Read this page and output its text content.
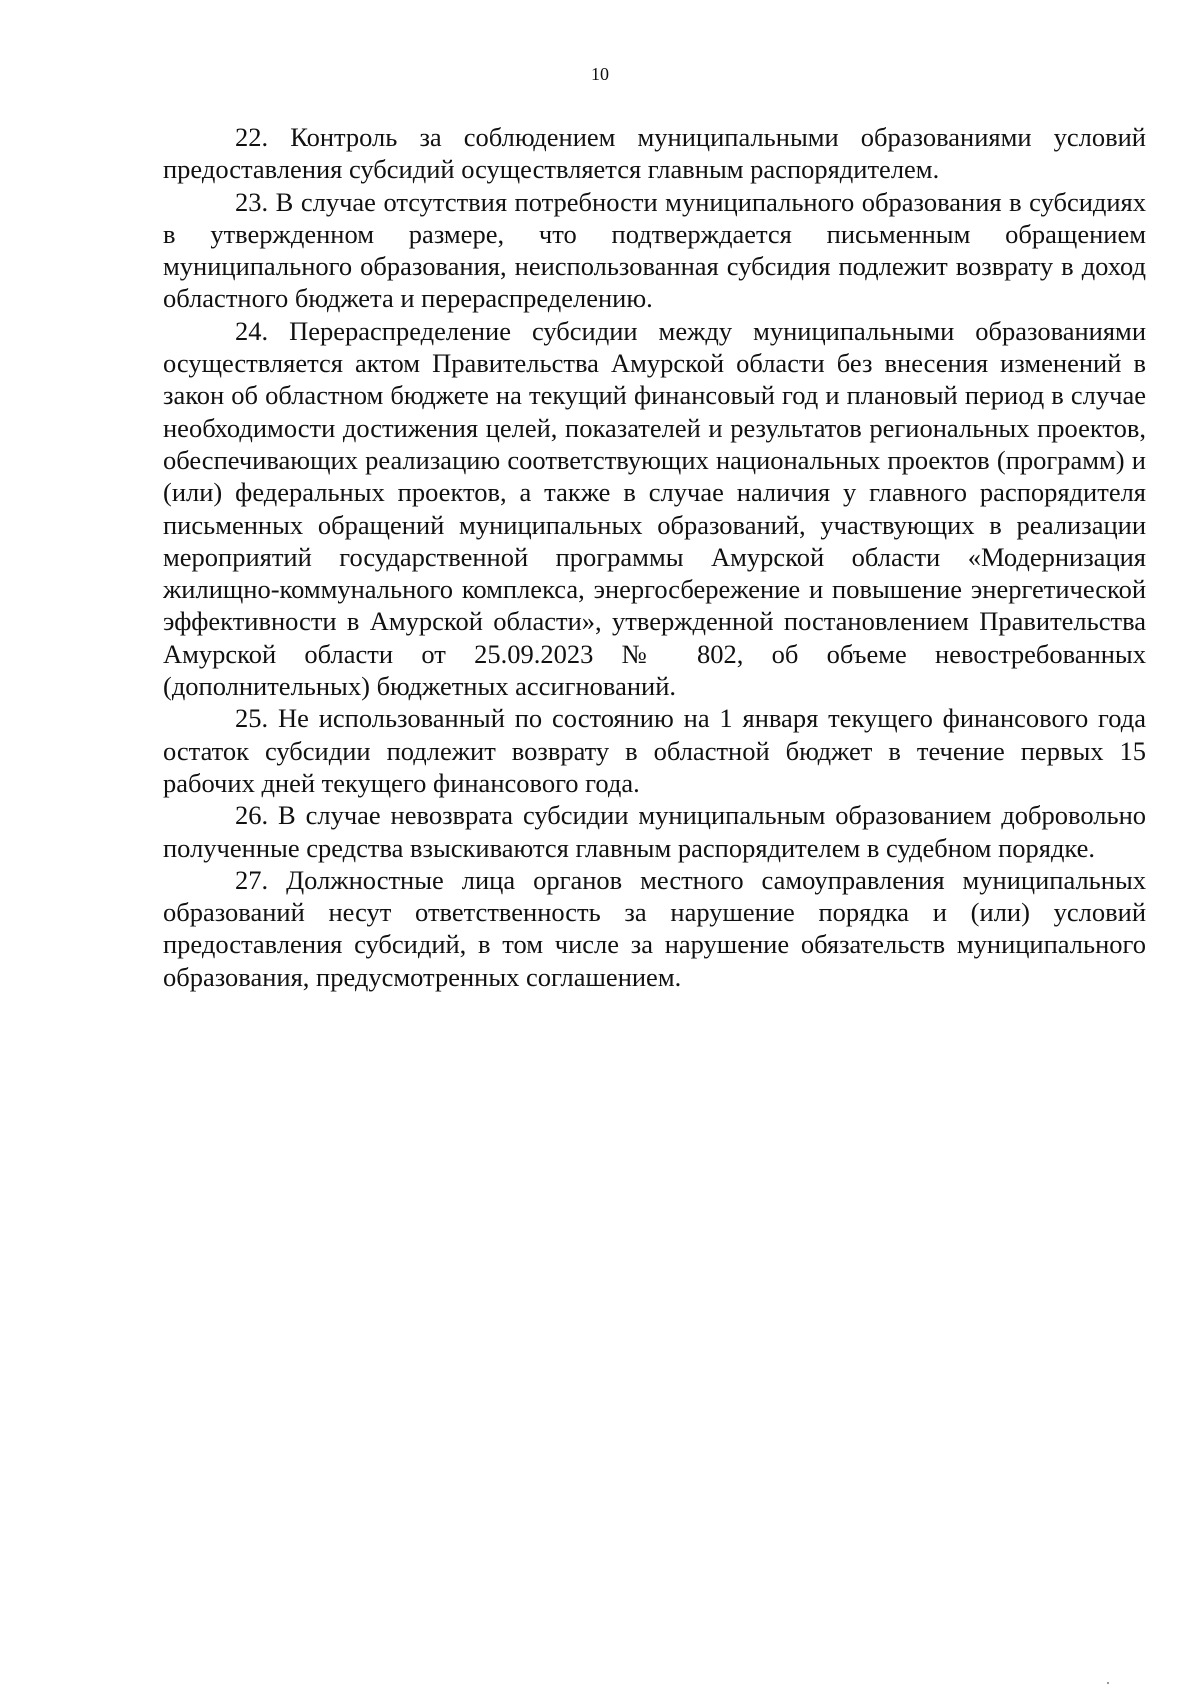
10

22. Контроль за соблюдением муниципальными образованиями условий предоставления субсидий осуществляется главным распорядителем.

23. В случае отсутствия потребности муниципального образования в субсидиях в утвержденном размере, что подтверждается письменным обращением муниципального образования, неиспользованная субсидия подлежит возврату в доход областного бюджета и перераспределению.

24. Перераспределение субсидии между муниципальными образованиями осуществляется актом Правительства Амурской области без внесения изменений в закон об областном бюджете на текущий финансовый год и плановый период в случае необходимости достижения целей, показателей и результатов региональных проектов, обеспечивающих реализацию соответствующих национальных проектов (программ) и (или) федеральных проектов, а также в случае наличия у главного распорядителя письменных обращений муниципальных образований, участвующих в реализации мероприятий государственной программы Амурской области «Модернизация жилищно-коммунального комплекса, энергосбережение и повышение энергетической эффективности в Амурской области», утвержденной постановлением Правительства Амурской области от 25.09.2023 № 802, об объеме невостребованных (дополнительных) бюджетных ассигнований.

25. Не использованный по состоянию на 1 января текущего финансового года остаток субсидии подлежит возврату в областной бюджет в течение первых 15 рабочих дней текущего финансового года.

26. В случае невозврата субсидии муниципальным образованием добровольно полученные средства взыскиваются главным распорядителем в судебном порядке.

27. Должностные лица органов местного самоуправления муниципальных образований несут ответственность за нарушение порядка и (или) условий предоставления субсидий, в том числе за нарушение обязательств муниципального образования, предусмотренных соглашением.
